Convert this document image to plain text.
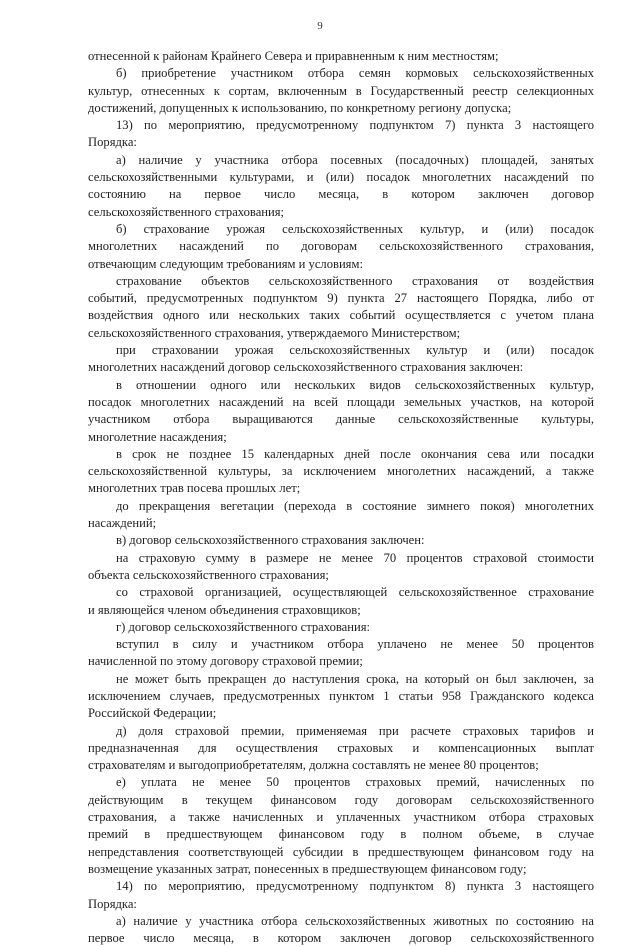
9
отнесенной к районам Крайнего Севера и приравненным к ним местностям;
б) приобретение участником отбора семян кормовых сельскохозяйственных
культур, отнесенных к сортам, включенным в Государственный реестр селекционных
достижений, допущенных к использованию, по конкретному региону допуска;
13) по мероприятию, предусмотренному подпунктом 7) пункта 3 настоящего
Порядка:
а) наличие у участника отбора посевных (посадочных) площадей, занятых
сельскохозяйственными культурами, и (или) посадок многолетних насаждений по
состоянию на первое число месяца, в котором заключен договор
сельскохозяйственного страхования;
б) страхование урожая сельскохозяйственных культур, и (или) посадок
многолетних насаждений по договорам сельскохозяйственного страхования,
отвечающим следующим требованиям и условиям:
страхование объектов сельскохозяйственного страхования от воздействия
событий, предусмотренных подпунктом 9) пункта 27 настоящего Порядка, либо от
воздействия одного или нескольких таких событий осуществляется с учетом плана
сельскохозяйственного страхования, утверждаемого Министерством;
при страховании урожая сельскохозяйственных культур и (или) посадок
многолетних насаждений договор сельскохозяйственного страхования заключен:
в отношении одного или нескольких видов сельскохозяйственных культур,
посадок многолетних насаждений на всей площади земельных участков, на которой
участником отбора выращиваются данные сельскохозяйственные культуры,
многолетние насаждения;
в срок не позднее 15 календарных дней после окончания сева или посадки
сельскохозяйственной культуры, за исключением многолетних насаждений, а также
многолетних трав посева прошлых лет;
до прекращения вегетации (перехода в состояние зимнего покоя) многолетних
насаждений;
в) договор сельскохозяйственного страхования заключен:
на страховую сумму в размере не менее 70 процентов страховой стоимости
объекта сельскохозяйственного страхования;
со страховой организацией, осуществляющей сельскохозяйственное страхование
и являющейся членом объединения страховщиков;
г) договор сельскохозяйственного страхования:
вступил в силу и участником отбора уплачено не менее 50 процентов
начисленной по этому договору страховой премии;
не может быть прекращен до наступления срока, на который он был заключен, за
исключением случаев, предусмотренных пунктом 1 статьи 958 Гражданского кодекса
Российской Федерации;
д) доля страховой премии, применяемая при расчете страховых тарифов и
предназначенная для осуществления страховых и компенсационных выплат
страхователям и выгодоприобретателям, должна составлять не менее 80 процентов;
е) уплата не менее 50 процентов страховых премий, начисленных по
действующим в текущем финансовом году договорам сельскохозяйственного
страхования, а также начисленных и уплаченных участником отбора страховых
премий в предшествующем финансовом году в полном объеме, в случае
непредставления соответствующей субсидии в предшествующем финансовом году на
возмещение указанных затрат, понесенных в предшествующем финансовом году;
14) по мероприятию, предусмотренному подпунктом 8) пункта 3 настоящего
Порядка:
а) наличие у участника отбора сельскохозяйственных животных по состоянию на
первое число месяца, в котором заключен договор сельскохозяйственного
